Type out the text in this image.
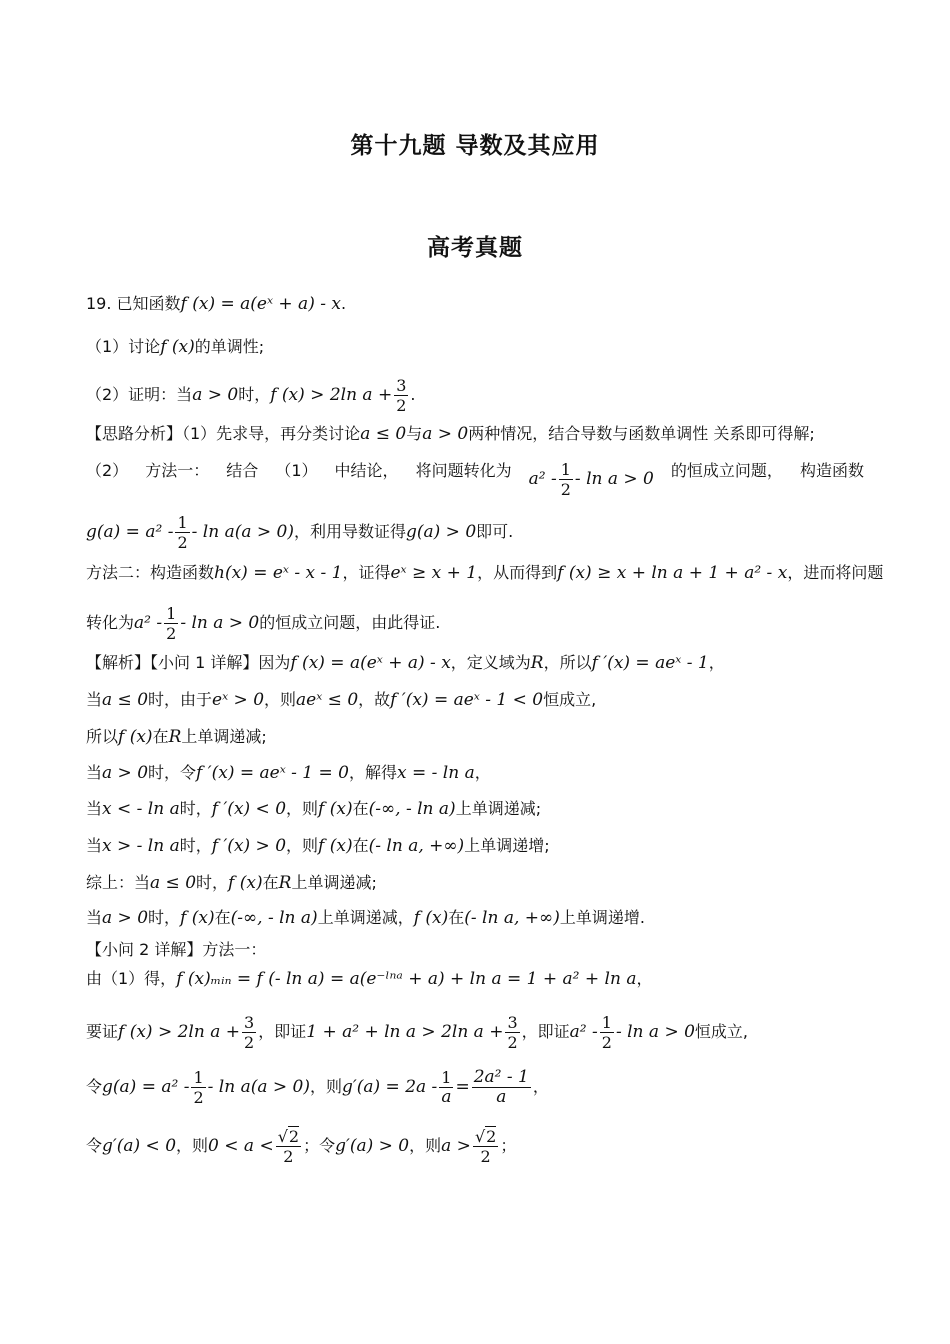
第十九题 导数及其应用
高考真题
19. 已知函数f (x) = a(eˣ + a) - x.
（1）讨论f (x)的单调性;
（2）证明：当a > 0时，f (x) > 2ln $a + \frac{3}{2}$ .
【思路分析】（1）先求导，再分类讨论a ≤ 0与a > 0两种情况，结合导数与函数单调性 关系即可得解;
（2） 方法一： 结合 （1） 中结论， 将问题转化为 $a^2 - \frac{1}{2} - \ln a > 0$ 的恒成立问题， 构造函数
$g(a) = a^2 - \frac{1}{2} - \ln a(a > 0)$，利用导数证得g(a) > 0即可.
方法二：构造函数h(x) = eˣ - x - 1，证得eˣ ≥ x + 1，从而得到f (x) ≥ x + ln a + 1 + a² - x，进而将问题
转化为$a^2 - \frac{1}{2} - \ln a > 0$的恒成立问题，由此得证.
【解析】【小问 1 详解】因为f (x) = a(eˣ + a) - x，定义域为R，所以f ′(x) = aeˣ - 1，
当a ≤ 0时，由于eˣ > 0，则aeˣ ≤ 0，故f ′(x) = aeˣ - 1 < 0恒成立,
所以f (x)在R上单调递减;
当a > 0时，令f ′(x) = aeˣ - 1 = 0，解得x = - ln a，
当x < - ln a时，f ′(x) < 0，则f (x)在(-∞, - ln a)上单调递减;
当x > - ln a时，f ′(x) > 0，则f (x)在(- ln a, +∞)上单调递增;
综上：当a ≤ 0时，f (x)在R上单调递减;
当a > 0时，f (x)在(-∞, - ln a)上单调递减，f (x)在(- ln a, +∞)上单调递增.
【小问 2 详解】方法一：
由（1）得，f (x)ₘᵢₙ = f (- ln a) = a(e⁻ˡⁿᵃ + a) + ln a = 1 + a² + ln a，
要证f (x) > 2ln $a + \frac{3}{2}$ ，即证1 + a² + ln a > 2ln $a + \frac{3}{2}$ ，即证$a^2 - \frac{1}{2} - \ln a > 0$恒成立,
令$g(a) = a^2 - \frac{1}{2} - \ln a(a > 0)$，则$g'(a) = 2a - \frac{1}{a} = \frac{\text{2a² - 1}}{a}$ ，
令g′(a) < 0，则$0 < a < \frac{√2}{2}$ ；令g′(a) > 0，则$a > \frac{√2}{2}$ ；
